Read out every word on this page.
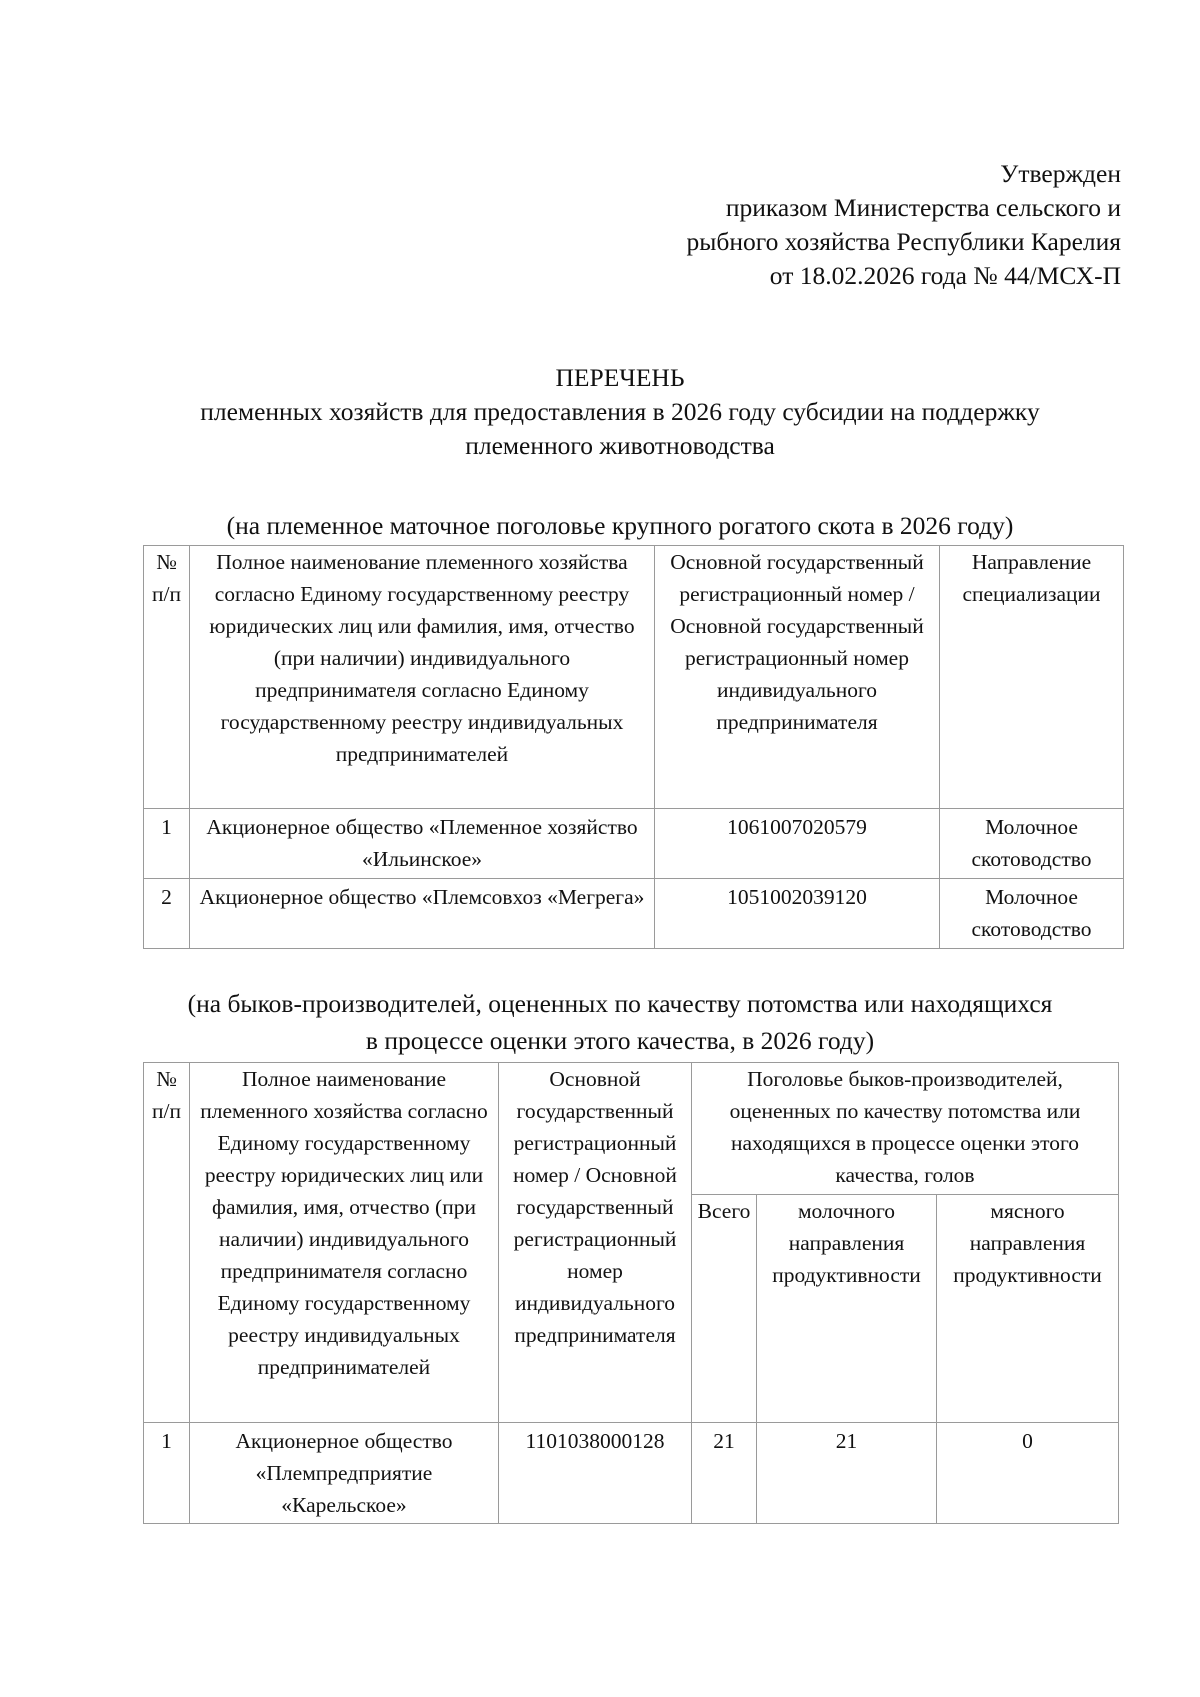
Утвержден
приказом Министерства сельского и
рыбного хозяйства Республики Карелия
от 18.02.2026 года № 44/МСХ-П
ПЕРЕЧЕНЬ
племенных хозяйств для предоставления в 2026 году субсидии на поддержку
племенного животноводства
(на племенное маточное поголовье крупного рогатого скота в 2026 году)
№ п/п	Полное наименование племенного хозяйства согласно Единому государственному реестру юридических лиц или фамилия, имя, отчество (при наличии) индивидуального предпринимателя согласно Единому государственному реестру индивидуальных предпринимателей	Основной государственный регистрационный номер / Основной государственный регистрационный номер индивидуального предпринимателя	Направление специализации
1	Акционерное общество «Племенное хозяйство «Ильинское»	1061007020579	Молочное скотоводство
2	Акционерное общество «Племсовхоз «Мегрега»	1051002039120	Молочное скотоводство
(на быков-производителей, оцененных по качеству потомства или находящихся
в процессе оценки этого качества, в 2026 году)
№ п/п	Полное наименование племенного хозяйства согласно Единому государственному реестру юридических лиц или фамилия, имя, отчество (при наличии) индивидуального предпринимателя согласно Единому государственному реестру индивидуальных предпринимателей	Основной государственный регистрационный номер / Основной государственный регистрационный номер индивидуального предпринимателя	Поголовье быков-производителей, оцененных по качеству потомства или находящихся в процессе оценки этого качества, голов		
			Всего	молочного направления продуктивности	мясного направления продуктивности
1	Акционерное общество «Племпредприятие «Карельское»	1101038000128	21	21	0
